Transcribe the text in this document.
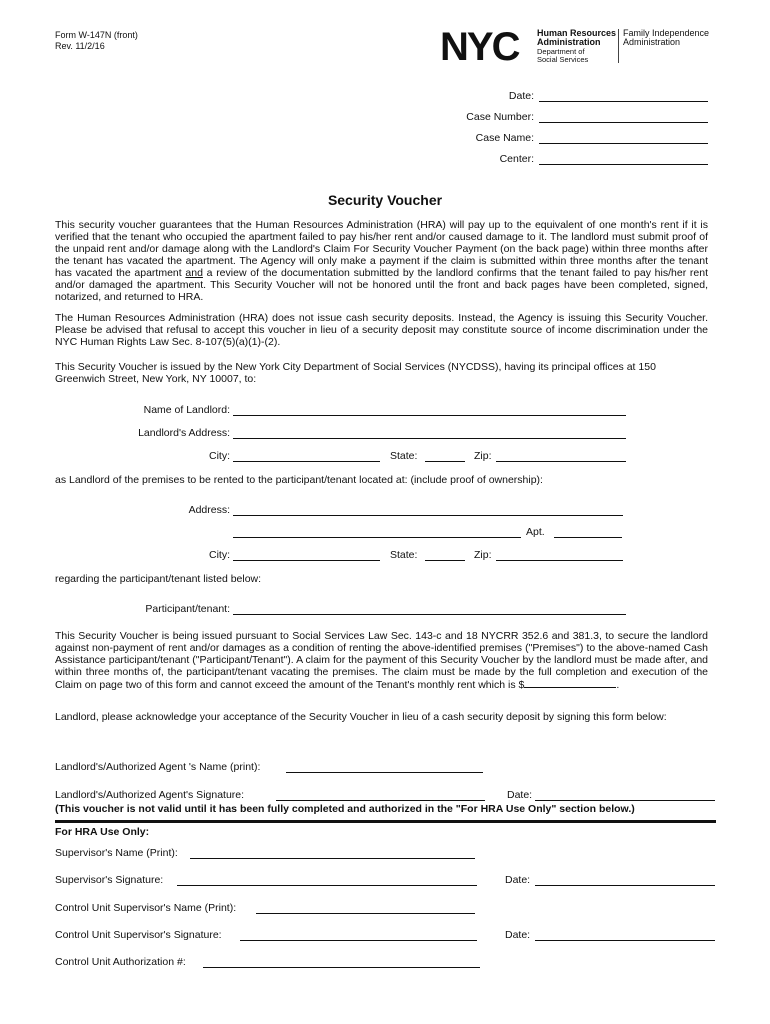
Form W-147N (front)
Rev. 11/2/16	NYC Human Resources
Administration
Department of
Social Services
Family Independence
Administration
Date:
Case Number:
Case Name:
Center:
Security Voucher
This security voucher guarantees that the Human Resources Administration (HRA) will pay up to the equivalent of one month's rent if it is verified that the tenant who occupied the apartment failed to pay his/her rent and/or caused damage to it. The landlord must submit proof of the unpaid rent and/or damage along with the Landlord's Claim For Security Voucher Payment (on the back page) within three months after the tenant has vacated the apartment. The Agency will only make a payment if the claim is submitted within three months after the tenant has vacated the apartment and a review of the documentation submitted by the landlord confirms that the tenant failed to pay his/her rent and/or damaged the apartment. This Security Voucher will not be honored until the front and back pages have been completed, signed, notarized, and returned to HRA.
The Human Resources Administration (HRA) does not issue cash security deposits. Instead, the Agency is issuing this Security Voucher. Please be advised that refusal to accept this voucher in lieu of a security deposit may constitute source of income discrimination under the NYC Human Rights Law Sec. 8-107(5)(a)(1)-(2).
This Security Voucher is issued by the New York City Department of Social Services (NYCDSS), having its principal offices at 150 Greenwich Street, New York, NY 10007, to:
Name of Landlord:
Landlord's Address:
City:	State:	Zip:
as Landlord of the premises to be rented to the participant/tenant located at: (include proof of ownership):
Address:
Apt.
City:	State:	Zip:
regarding the participant/tenant listed below:
Participant/tenant:
This Security Voucher is being issued pursuant to Social Services Law Sec. 143-c and 18 NYCRR 352.6 and 381.3, to secure the landlord against non-payment of rent and/or damages as a condition of renting the above-identified premises ("Premises") to the above-named Cash Assistance participant/tenant ("Participant/Tenant"). A claim for the payment of this Security Voucher by the landlord must be made after, and within three months of, the participant/tenant vacating the premises. The claim must be made by the full completion and execution of the Claim on page two of this form and cannot exceed the amount of the Tenant's monthly rent which is $	.
Landlord, please acknowledge your acceptance of the Security Voucher in lieu of a cash security deposit by signing this form below:
Landlord's/Authorized Agent 's Name (print):
Landlord's/Authorized Agent's Signature:	Date:
(This voucher is not valid until it has been fully completed and authorized in the "For HRA Use Only" section below.)
For HRA Use Only:
Supervisor's Name (Print):
Supervisor's Signature:	Date:
Control Unit Supervisor's Name (Print):
Control Unit Supervisor's Signature:	Date:
Control Unit Authorization #:
